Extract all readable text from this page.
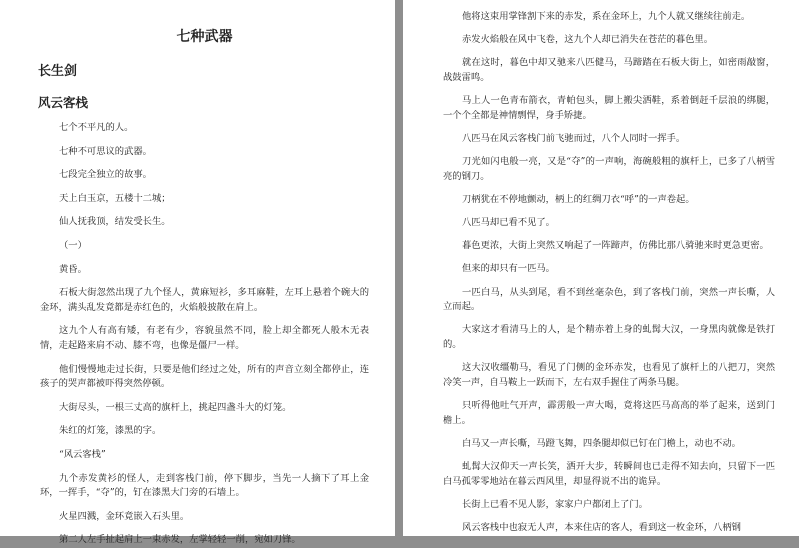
七种武器
长生剑
风云客栈

七个不平凡的人。

七种不可思议的武器。

七段完全独立的故事。

天上白玉京，五楼十二城；

仙人抚我顶，结发受长生。

（一）

黄昏。

石板大街忽然出现了九个怪人，黄麻短衫，多耳麻鞋，左耳上悬着个碗大的金环，满头乱发竟都是赤红色的，火焰般披散在肩上。

这九个人有高有矮，有老有少，容貌虽然不同，脸上却全都死人般木无表情，走起路来肩不动、膝不弯，也像是僵尸一样。

他们慢慢地走过长街，只要是他们经过之处，所有的声音立刻全都停止，连孩子的哭声都被吓得突然停顿。

大街尽头，一根三丈高的旗杆上，挑起四盏斗大的灯笼。

朱红的灯笼，漆黑的字。

“风云客栈”

九个赤发黄衫的怪人，走到客栈门前，停下脚步，当先一人摘下了耳上金环，一挥手，“夺”的，钉在漆黑大门旁的石墙上。

火星四溅，金环竟嵌入石头里。

第二人左手扯起肩上一束赤发，左掌轻轻一削，宛如刀锋。

他将这束用掌锋割下来的赤发，系在金环上，九个人就又继续往前走。

赤发火焰般在风中飞卷，这九个人却已消失在苍茫的暮色里。

就在这时，暮色中却又驰来八匹健马，马蹄踏在石板大街上，如密雨敲窗，战鼓雷鸣。

马上人一色青布箭衣，青帕包头，脚上搬尖洒鞋，系着倒赶千层浪的绑腿，一个个全都是神情剽悍，身手矫捷。

八匹马在风云客栈门前飞驰而过，八个人同时一挥手。

刀光如闪电般一亮，又是“夺”的一声响，海碗般粗的旗杆上，已多了八柄雪亮的钢刀。

刀柄犹在不停地颤动，柄上的红绸刀衣“呼”的一声卷起。

八匹马却已看不见了。

暮色更浓，大街上突然又响起了一阵蹄声，仿佛比那八骑驰来时更急更密。

但来的却只有一匹马。

一匹白马，从头到尾，看不到丝毫杂色，到了客栈门前，突然一声长嘶，人立而起。

大家这才看清马上的人，是个精赤着上身的虬髯大汉，一身黑肉就像是铁打的。

这大汉收缰勒马，看见了门侧的金环赤发，也看见了旗杆上的八把刀，突然冷笑一声，自马鞍上一跃而下，左右双手握住了两条马腿。

只听得他吐气开声，霹雳般一声大喝，竟将这匹马高高的举了起来，送到门檐上。

白马又一声长嘶，马蹬飞舞，四条腿却似已钉在门檐上，动也不动。

虬髯大汉仰天一声长笑，洒开大步，转瞬间也已走得不知去向，只留下一匹白马孤零零地站在暮云西风里，却显得说不出的诡异。

长街上已看不见人影，家家户户都闭上了门。

风云客栈中也寂无人声，本来住店的客人，看到这一枚金环，八柄钢
